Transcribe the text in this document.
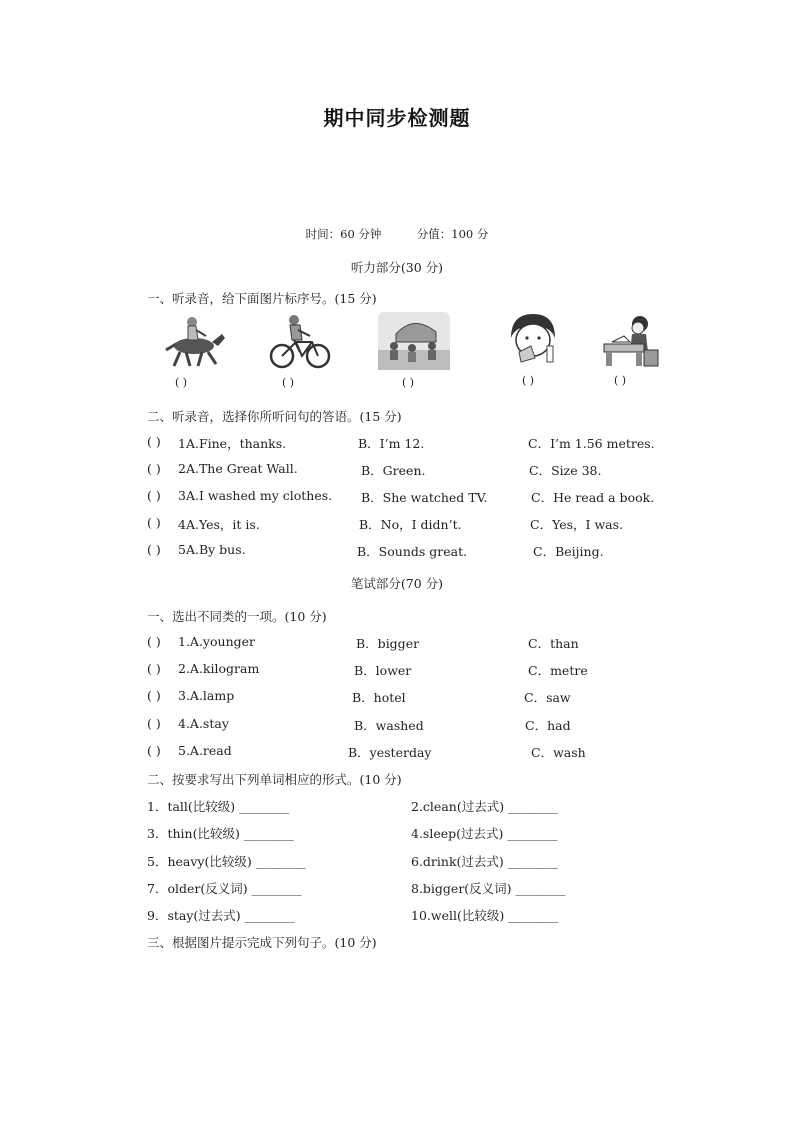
期中同步检测题
时间：60 分钟	分值：100 分
听力部分(30 分)
一、听录音，给下面图片标序号。(15 分)
( )	( )	( )	( )	( )
二、听录音，选择你所听问句的答语。(15 分)
( ) 1A.Fine，thanks.	B．I’m 12.	C．I’m 1.56 metres.
( ) 2A.The Great Wall.	B．Green.	C．Size 38.
( ) 3A.I washed my clothes. B．She watched TV.	C．He read a book.
( ) 4A.Yes，it is.	B．No，I didn’t.	C．Yes，I was.
( ) 5A.By bus.	B．Sounds great.	C．Beijing.
笔试部分(70 分)
一、选出不同类的一项。(10 分)
( ) 1.A.younger	B．bigger	C．than
( ) 2.A.kilogram	B．lower	C．metre
( ) 3.A.lamp	B．hotel	C．saw
( ) 4.A.stay	B．washed	C．had
( ) 5.A.read	B．yesterday	C．wash
二、按要求写出下列单词相应的形式。(10 分)
1．tall(比较级) ________	2.clean(过去式) ________
3．thin(比较级) ________	4.sleep(过去式) ________
5．heavy(比较级) ________	6.drink(过去式) ________
7．older(反义词) ________	8.bigger(反义词) ________
9．stay(过去式) ________	10.well(比较级) ________
三、根据图片提示完成下列句子。(10 分)
